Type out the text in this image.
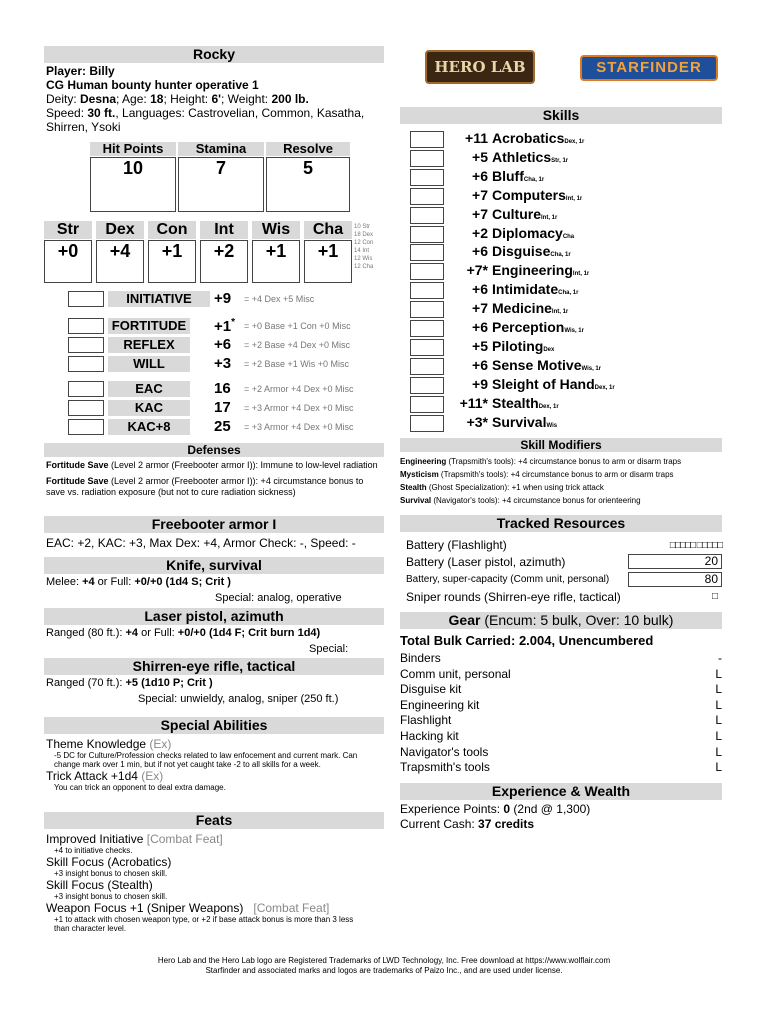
Rocky
Player: Billy
CG Human bounty hunter operative 1
Deity: Desna; Age: 18; Height: 6'; Weight: 200 lb.
Speed: 30 ft., Languages: Castrovelian, Common, Kasatha,
Shirren, Ysoki
Hit Points	Stamina	Resolve
10	7	5
Str	Dex	Con	Int	Wis	Cha
+0	+4	+1	+2	+1	+1
10 Str
18 Dex
12 Con
14 Int
12 Wis
12 Cha
INITIATIVE	+9 = +4 Dex +5 Misc
FORTITUDE +1* = +0 Base +1 Con +0 Misc
REFLEX	+6 = +2 Base +4 Dex +0 Misc
WILL	+3 = +2 Base +1 Wis +0 Misc
EAC	16 = +2 Armor +4 Dex +0 Misc
KAC	17 = +3 Armor +4 Dex +0 Misc
KAC+8	25 = +3 Armor +4 Dex +0 Misc
Defenses
Fortitude Save (Level 2 armor (Freebooter armor I)): Immune to low-level radiation
Fortitude Save (Level 2 armor (Freebooter armor I)): +4 circumstance bonus to save vs. radiation exposure (but not to cure radiation sickness)
Freebooter armor I
EAC: +2, KAC: +3, Max Dex: +4, Armor Check: -, Speed: -
Knife, survival
Melee: +4 or Full: +0/+0 (1d4 S; Crit )
Special: analog, operative
Laser pistol, azimuth
Ranged (80 ft.): +4 or Full: +0/+0 (1d4 F; Crit burn 1d4)
Special:
Shirren-eye rifle, tactical
Ranged (70 ft.): +5 (1d10 P; Crit )
Special: unwieldy, analog, sniper (250 ft.)
Special Abilities
Theme Knowledge (Ex)
-5 DC for Culture/Profession checks related to law enfocement and current mark. Can change mark over 1 min, but if not yet caught take -2 to all skills for a week.
Trick Attack +1d4 (Ex)
You can trick an opponent to deal extra damage.
Feats
Improved Initiative [Combat Feat]
+4 to initiative checks.
Skill Focus (Acrobatics)
+3 insight bonus to chosen skill.
Skill Focus (Stealth)
+3 insight bonus to chosen skill.
Weapon Focus +1 (Sniper Weapons) [Combat Feat]
+1 to attack with chosen weapon type, or +2 if base attack bonus is more than 3 less than character level.
HERO LAB	STARFINDER
Skills
+11 AcrobaticsDex, 1r
+5 AthleticsStr, 1r
+6 BluffCha, 1r
+7 ComputersInt, 1r
+7 CultureInt, 1r
+2 DiplomacyCha
+6 DisguiseCha, 1r
+7* EngineeringInt, 1r
+6 IntimidateCha, 1r
+7 MedicineInt, 1r
+6 PerceptionWis, 1r
+5 PilotingDex
+6 Sense MotiveWis, 1r
+9 Sleight of HandDex, 1r
+11* StealthDex, 1r
+3* SurvivalWis
Skill Modifiers
Engineering (Trapsmith's tools): +4 circumstance bonus to arm or disarm traps
Mysticism (Trapsmith's tools): +4 circumstance bonus to arm or disarm traps
Stealth (Ghost Specialization): +1 when using trick attack
Survival (Navigator's tools): +4 circumstance bonus for orienteering
Tracked Resources
Battery (Flashlight)	□□□□□ □□□□□
Battery (Laser pistol, azimuth)	20
Battery, super-capacity (Comm unit, personal)	80
Sniper rounds (Shirren-eye rifle, tactical)	□
Gear (Encum: 5 bulk, Over: 10 bulk)
Total Bulk Carried: 2.004, Unencumbered
Binders	-
Comm unit, personal	L
Disguise kit	L
Engineering kit	L
Flashlight	L
Hacking kit	L
Navigator's tools	L
Trapsmith's tools	L
Experience & Wealth
Experience Points: 0 (2nd @ 1,300)
Current Cash: 37 credits
Hero Lab and the Hero Lab logo are Registered Trademarks of LWD Technology, Inc. Free download at https://www.wolflair.com
Starfinder and associated marks and logos are trademarks of Paizo Inc., and are used under license.
